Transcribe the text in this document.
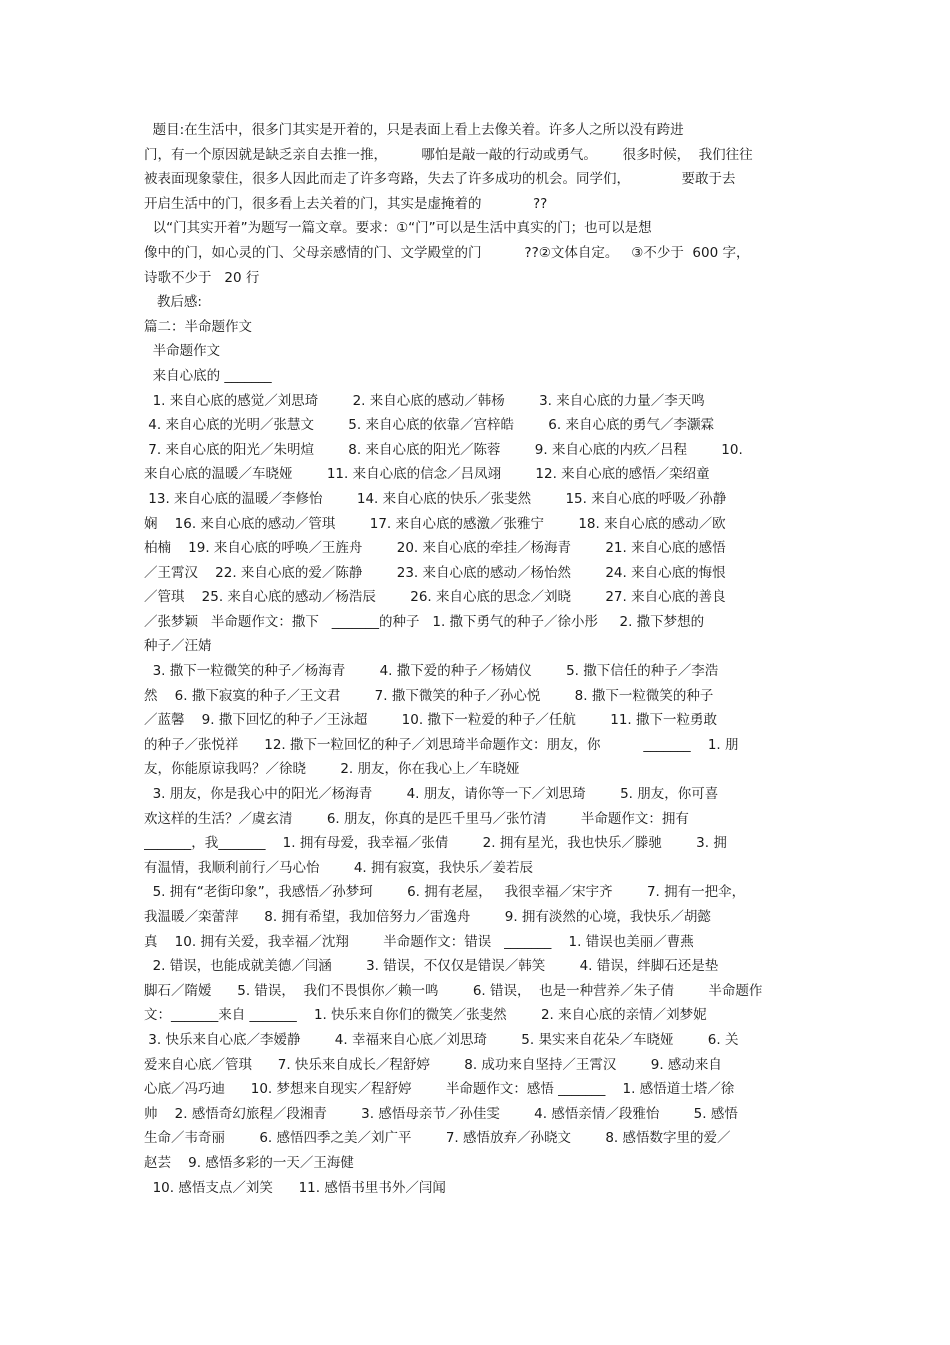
题目:在生活中，很多门其实是开着的，只是表面上看上去像关着。许多人之所以没有跨进
门，有一个原因就是缺乏亲自去推一推，        哪怕是敲一敲的行动或勇气。      很多时候，  我们往往
被表面现象蒙住，很多人因此而走了许多弯路，失去了许多成功的机会。同学们，            要敢于去
开启生活中的门，很多看上去关着的门，其实是虚掩着的            ??
以“门其实开着”为题写一篇文章。要求：①“门”可以是生活中真实的门；也可以是想
像中的门，如心灵的门、父母亲感情的门、文学殿堂的门          ??②文体自定。   ③不少于  600 字，
诗歌不少于   20 行
教后感:
篇二：半命题作文
半命题作文
来自心底的 _______
1. 来自心底的感觉／刘思琦        2. 来自心底的感动／韩杨        3. 来自心底的力量／李天鸣
4. 来自心底的光明／张慧文        5. 来自心底的依靠／宫梓皓        6. 来自心底的勇气／李灏霖
7. 来自心底的阳光／朱明煊        8. 来自心底的阳光／陈蓉        9. 来自心底的内疚／吕程        10.
来自心底的温暖／车晓娅        11. 来自心底的信念／吕凤翊        12. 来自心底的感悟／栾绍童
13. 来自心底的温暖／李修怡        14. 来自心底的快乐／张斐然        15. 来自心底的呼吸／孙静
娴    16. 来自心底的感动／管琪        17. 来自心底的感激／张雅宁        18. 来自心底的感动／欧
柏楠    19. 来自心底的呼唤／王旌舟        20. 来自心底的牵挂／杨海青        21. 来自心底的感悟
／王霄汉    22. 来自心底的爱／陈静        23. 来自心底的感动／杨怡然        24. 来自心底的悔恨
／管琪    25. 来自心底的感动／杨浩辰        26. 来自心底的思念／刘晓        27. 来自心底的善良
／张梦颖   半命题作文：撒下   _______的种子   1. 撒下勇气的种子／徐小彤     2. 撒下梦想的
种子／汪婧
3. 撒下一粒微笑的种子／杨海青        4. 撒下爱的种子／杨婧仪        5. 撒下信任的种子／李浩
然    6. 撒下寂寞的种子／王文君        7. 撒下微笑的种子／孙心悦        8. 撒下一粒微笑的种子
／蓝馨    9. 撒下回忆的种子／王泳超        10. 撒下一粒爱的种子／任航        11. 撒下一粒勇敢
的种子／张悦祥      12. 撒下一粒回忆的种子／刘思琦半命题作文：朋友，你          _______    1. 朋
友，你能原谅我吗？／徐晓        2. 朋友，你在我心上／车晓娅
3. 朋友，你是我心中的阳光／杨海青        4. 朋友，请你等一下／刘思琦        5. 朋友，你可喜
欢这样的生活？／虞玄清        6. 朋友，你真的是匹千里马／张竹清        半命题作文：拥有
_______，我_______    1. 拥有母爱，我幸福／张倩        2. 拥有星光，我也快乐／滕驰        3. 拥
有温情，我顺利前行／马心怡        4. 拥有寂寞，我快乐／姜若辰
5. 拥有“老街印象”，我感悟／孙梦珂        6. 拥有老屋，   我很幸福／宋宇齐        7. 拥有一把伞，
我温暖／栾蕾萍      8. 拥有希望，我加倍努力／雷逸舟        9. 拥有淡然的心境，我快乐／胡懿
真    10. 拥有关爱，我幸福／沈翔        半命题作文：错误   _______    1. 错误也美丽／曹燕
2. 错误，也能成就美德／闫涵        3. 错误，不仅仅是错误／韩笑        4. 错误，绊脚石还是垫
脚石／隋嫒      5. 错误，  我们不畏惧你／赖一鸣        6. 错误，  也是一种营养／朱子倩        半命题作
文：_______来自 _______    1. 快乐来自你们的微笑／张斐然        2. 来自心底的亲情／刘梦妮
3. 快乐来自心底／李嫒静        4. 幸福来自心底／刘思琦        5. 果实来自花朵／车晓娅        6. 关
爱来自心底／管琪      7. 快乐来自成长／程舒婷        8. 成功来自坚持／王霄汉        9. 感动来自
心底／冯巧迪      10. 梦想来自现实／程舒婷        半命题作文：感悟 _______    1. 感悟道士塔／徐
帅    2. 感悟奇幻旅程／段湘青        3. 感悟母亲节／孙佳雯        4. 感悟亲情／段雅怡        5. 感悟
生命／韦奇丽        6. 感悟四季之美／刘广平        7. 感悟放弃／孙晓文        8. 感悟数字里的爱／
赵芸    9. 感悟多彩的一天／王海健
10. 感悟支点／刘笑      11. 感悟书里书外／闫闻
